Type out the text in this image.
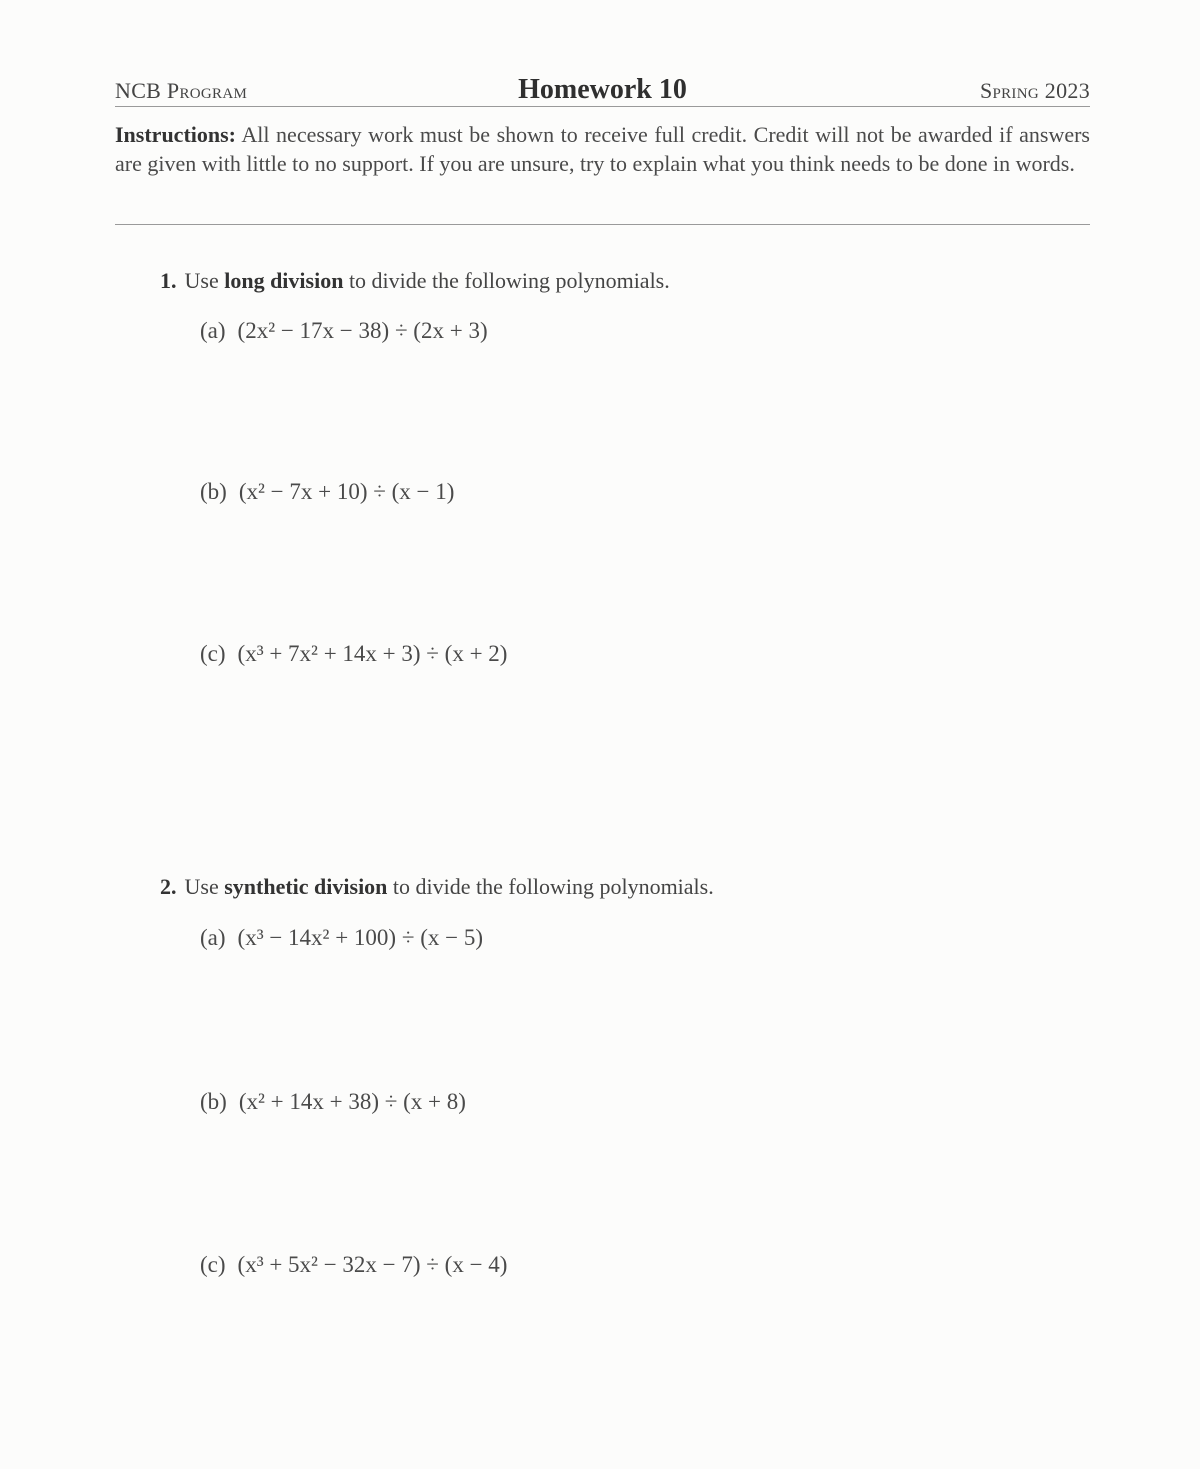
NCB Program	Homework 10	Spring 2023
Instructions: All necessary work must be shown to receive full credit. Credit will not be awarded if answers are given with little to no support. If you are unsure, try to explain what you think needs to be done in words.
1. Use long division to divide the following polynomials.
(a) (2x² − 17x − 38) ÷ (2x + 3)
(b) (x² − 7x + 10) ÷ (x − 1)
(c) (x³ + 7x² + 14x + 3) ÷ (x + 2)
2. Use synthetic division to divide the following polynomials.
(a) (x³ − 14x² + 100) ÷ (x − 5)
(b) (x² + 14x + 38) ÷ (x + 8)
(c) (x³ + 5x² − 32x − 7) ÷ (x − 4)
